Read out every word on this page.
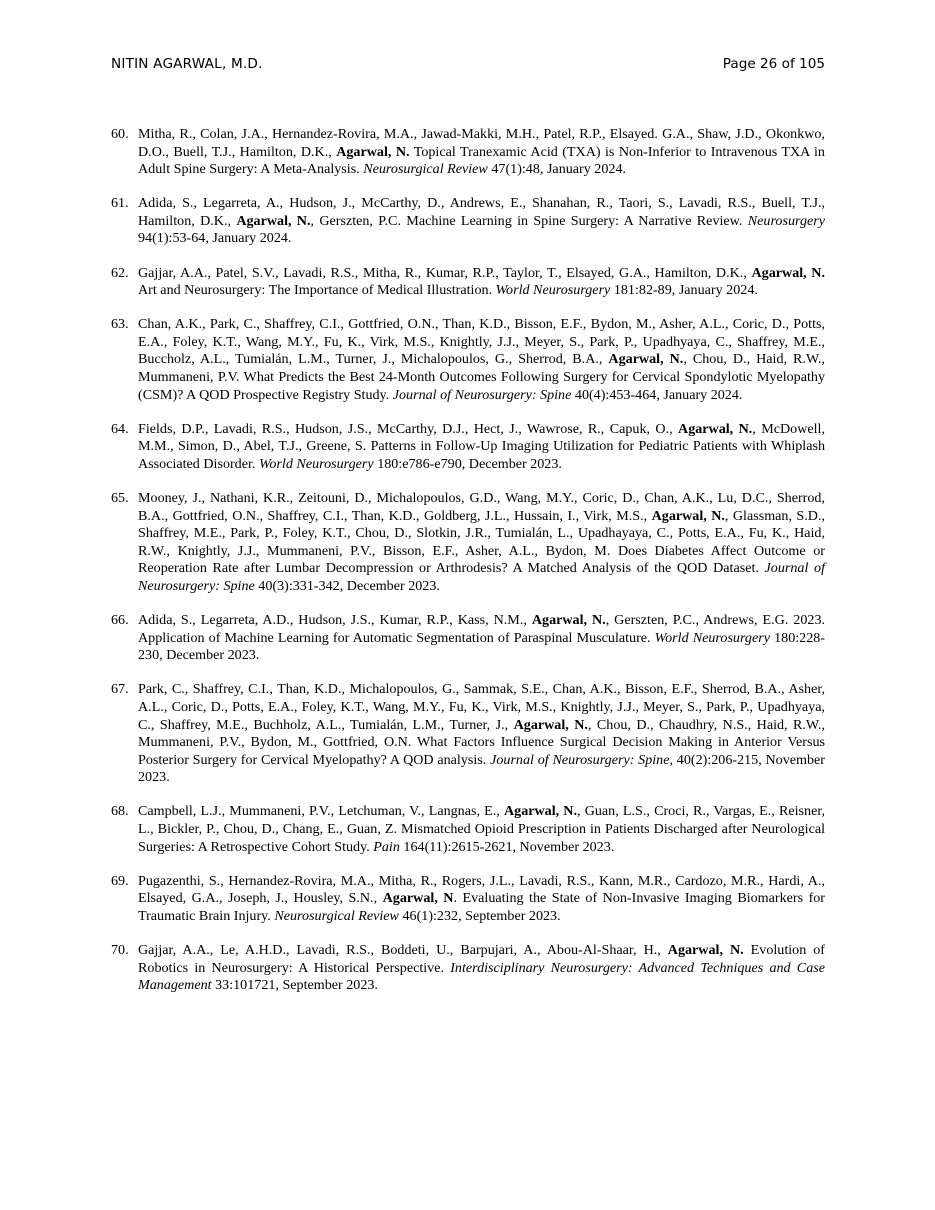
NITIN AGARWAL, M.D.	Page 26 of 105
60. Mitha, R., Colan, J.A., Hernandez-Rovira, M.A., Jawad-Makki, M.H., Patel, R.P., Elsayed. G.A., Shaw, J.D., Okonkwo, D.O., Buell, T.J., Hamilton, D.K., Agarwal, N. Topical Tranexamic Acid (TXA) is Non-Inferior to Intravenous TXA in Adult Spine Surgery: A Meta-Analysis. Neurosurgical Review 47(1):48, January 2024.
61. Adida, S., Legarreta, A., Hudson, J., McCarthy, D., Andrews, E., Shanahan, R., Taori, S., Lavadi, R.S., Buell, T.J., Hamilton, D.K., Agarwal, N., Gerszten, P.C. Machine Learning in Spine Surgery: A Narrative Review. Neurosurgery 94(1):53-64, January 2024.
62. Gajjar, A.A., Patel, S.V., Lavadi, R.S., Mitha, R., Kumar, R.P., Taylor, T., Elsayed, G.A., Hamilton, D.K., Agarwal, N. Art and Neurosurgery: The Importance of Medical Illustration. World Neurosurgery 181:82-89, January 2024.
63. Chan, A.K., Park, C., Shaffrey, C.I., Gottfried, O.N., Than, K.D., Bisson, E.F., Bydon, M., Asher, A.L., Coric, D., Potts, E.A., Foley, K.T., Wang, M.Y., Fu, K., Virk, M.S., Knightly, J.J., Meyer, S., Park, P., Upadhyaya, C., Shaffrey, M.E., Buccholz, A.L., Tumialán, L.M., Turner, J., Michalopoulos, G., Sherrod, B.A., Agarwal, N., Chou, D., Haid, R.W., Mummaneni, P.V. What Predicts the Best 24-Month Outcomes Following Surgery for Cervical Spondylotic Myelopathy (CSM)? A QOD Prospective Registry Study. Journal of Neurosurgery: Spine 40(4):453-464, January 2024.
64. Fields, D.P., Lavadi, R.S., Hudson, J.S., McCarthy, D.J., Hect, J., Wawrose, R., Capuk, O., Agarwal, N., McDowell, M.M., Simon, D., Abel, T.J., Greene, S. Patterns in Follow-Up Imaging Utilization for Pediatric Patients with Whiplash Associated Disorder. World Neurosurgery 180:e786-e790, December 2023.
65. Mooney, J., Nathani, K.R., Zeitouni, D., Michalopoulos, G.D., Wang, M.Y., Coric, D., Chan, A.K., Lu, D.C., Sherrod, B.A., Gottfried, O.N., Shaffrey, C.I., Than, K.D., Goldberg, J.L., Hussain, I., Virk, M.S., Agarwal, N., Glassman, S.D., Shaffrey, M.E., Park, P., Foley, K.T., Chou, D., Slotkin, J.R., Tumialán, L., Upadhayaya, C., Potts, E.A., Fu, K., Haid, R.W., Knightly, J.J., Mummaneni, P.V., Bisson, E.F., Asher, A.L., Bydon, M. Does Diabetes Affect Outcome or Reoperation Rate after Lumbar Decompression or Arthrodesis? A Matched Analysis of the QOD Dataset. Journal of Neurosurgery: Spine 40(3):331-342, December 2023.
66. Adida, S., Legarreta, A.D., Hudson, J.S., Kumar, R.P., Kass, N.M., Agarwal, N., Gerszten, P.C., Andrews, E.G. 2023. Application of Machine Learning for Automatic Segmentation of Paraspinal Musculature. World Neurosurgery 180:228-230, December 2023.
67. Park, C., Shaffrey, C.I., Than, K.D., Michalopoulos, G., Sammak, S.E., Chan, A.K., Bisson, E.F., Sherrod, B.A., Asher, A.L., Coric, D., Potts, E.A., Foley, K.T., Wang, M.Y., Fu, K., Virk, M.S., Knightly, J.J., Meyer, S., Park, P., Upadhyaya, C., Shaffrey, M.E., Buchholz, A.L., Tumialán, L.M., Turner, J., Agarwal, N., Chou, D., Chaudhry, N.S., Haid, R.W., Mummaneni, P.V., Bydon, M., Gottfried, O.N. What Factors Influence Surgical Decision Making in Anterior Versus Posterior Surgery for Cervical Myelopathy? A QOD analysis. Journal of Neurosurgery: Spine, 40(2):206-215, November 2023.
68. Campbell, L.J., Mummaneni, P.V., Letchuman, V., Langnas, E., Agarwal, N., Guan, L.S., Croci, R., Vargas, E., Reisner, L., Bickler, P., Chou, D., Chang, E., Guan, Z. Mismatched Opioid Prescription in Patients Discharged after Neurological Surgeries: A Retrospective Cohort Study. Pain 164(11):2615-2621, November 2023.
69. Pugazenthi, S., Hernandez-Rovira, M.A., Mitha, R., Rogers, J.L., Lavadi, R.S., Kann, M.R., Cardozo, M.R., Hardi, A., Elsayed, G.A., Joseph, J., Housley, S.N., Agarwal, N. Evaluating the State of Non-Invasive Imaging Biomarkers for Traumatic Brain Injury. Neurosurgical Review 46(1):232, September 2023.
70. Gajjar, A.A., Le, A.H.D., Lavadi, R.S., Boddeti, U., Barpujari, A., Abou-Al-Shaar, H., Agarwal, N. Evolution of Robotics in Neurosurgery: A Historical Perspective. Interdisciplinary Neurosurgery: Advanced Techniques and Case Management 33:101721, September 2023.
